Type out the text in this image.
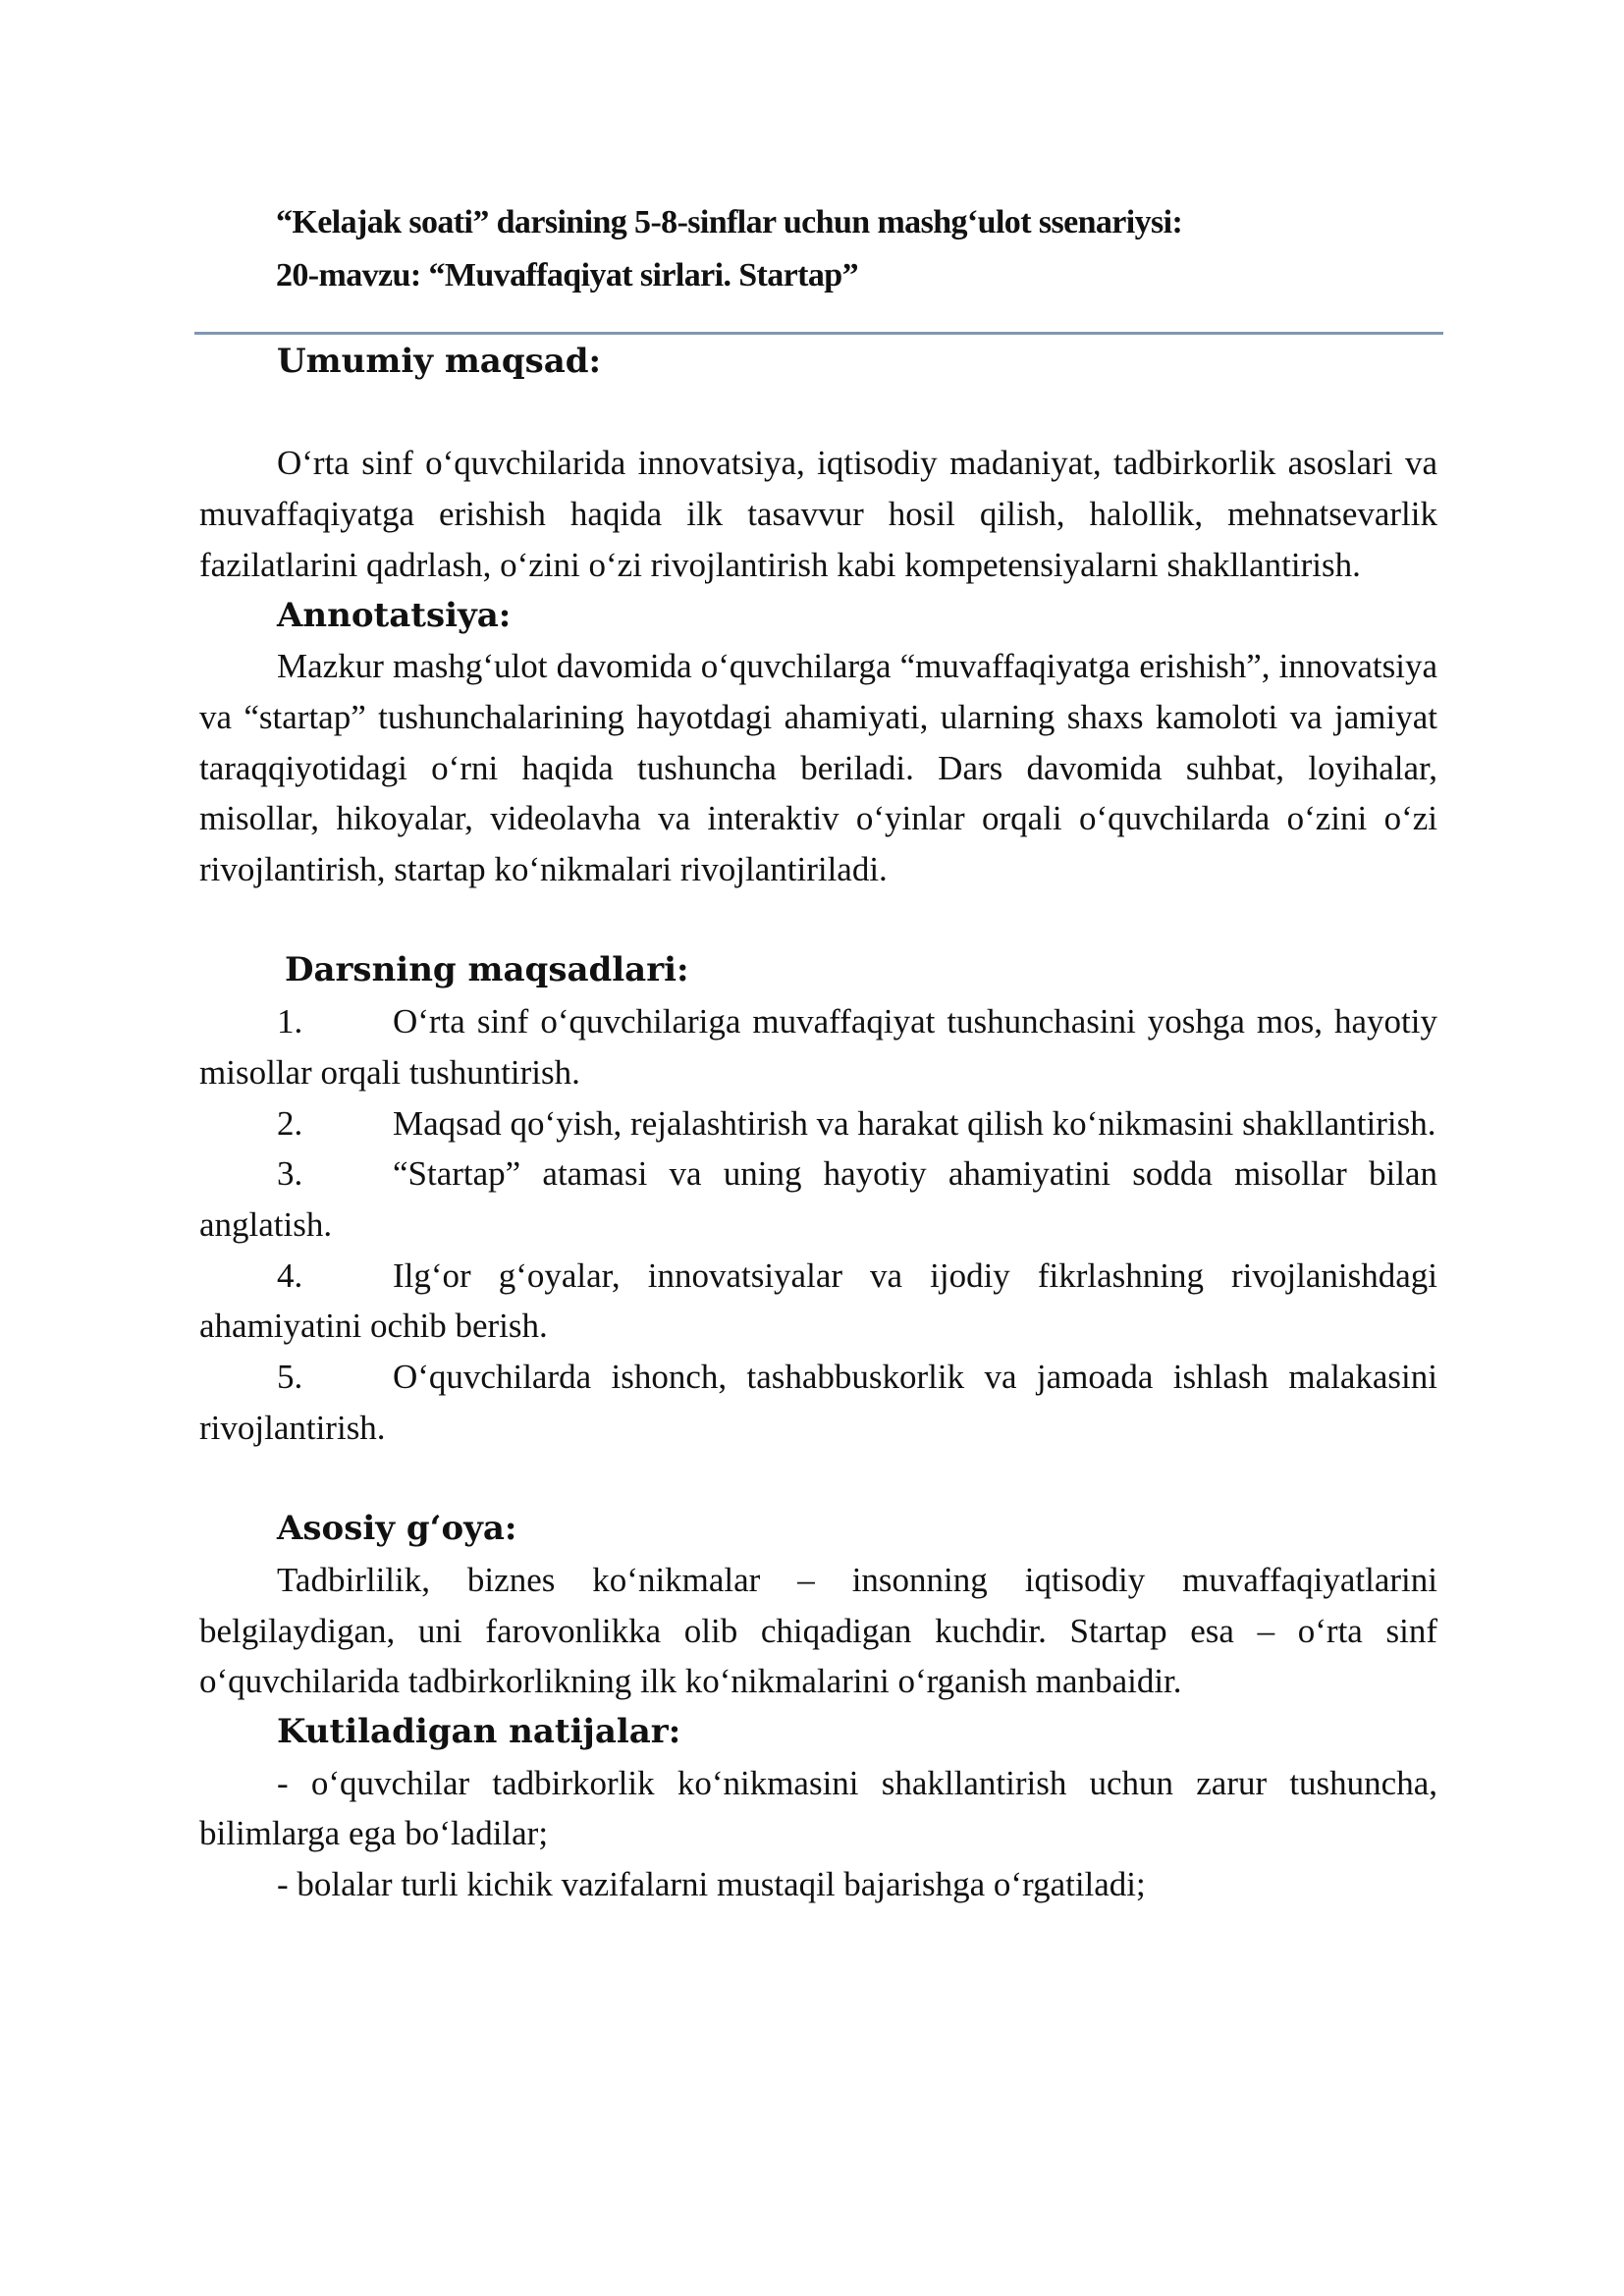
“Kelajak soati” darsining 5-8-sinflar uchun mashg‘ulot ssenariysi:
20-mavzu: “Muvaffaqiyat sirlari. Startap”

Umumiy maqsad:

O‘rta sinf o‘quvchilarida innovatsiya, iqtisodiy madaniyat, tadbirkorlik asoslari va muvaffaqiyatga erishish haqida ilk tasavvur hosil qilish, halollik, mehnatsevarlik fazilatlarini qadrlash, o‘zini o‘zi rivojlantirish kabi kompetensiyalarni shakllantirish.

Annotatsiya:

Mazkur mashg‘ulot davomida o‘quvchilarga “muvaffaqiyatga erishish”, innovatsiya va “startap” tushunchalarining hayotdagi ahamiyati, ularning shaxs kamoloti va jamiyat taraqqiyotidagi o‘rni haqida tushuncha beriladi. Dars davomida suhbat, loyihalar, misollar, hikoyalar, videolavha va interaktiv o‘yinlar orqali o‘quvchilarda o‘zini o‘zi rivojlantirish, startap ko‘nikmalari rivojlantiriladi.

Darsning maqsadlari:

1.	O‘rta sinf o‘quvchilariga muvaffaqiyat tushunchasini yoshga mos, hayotiy misollar orqali tushuntirish.

2.	Maqsad qo‘yish, rejalashtirish va harakat qilish ko‘nikmasini shakllantirish.

3.	“Startap” atamasi va uning hayotiy ahamiyatini sodda misollar bilan anglatish.

4.	Ilg‘or g‘oyalar, innovatsiyalar va ijodiy fikrlashning rivojlanishdagi ahamiyatini ochib berish.

5.	O‘quvchilarda ishonch, tashabbuskorlik va jamoada ishlash malakasini rivojlantirish.

Asosiy g‘oya:

Tadbirlilik, biznes ko‘nikmalar – insonning iqtisodiy muvaffaqiyatlarini belgilaydigan, uni farovonlikka olib chiqadigan kuchdir. Startap esa – o‘rta sinf o‘quvchilarida tadbirkorlikning ilk ko‘nikmalarini o‘rganish manbaidir.

Kutiladigan natijalar:

- o‘quvchilar tadbirkorlik ko‘nikmasini shakllantirish uchun zarur tushuncha, bilimlarga ega bo‘ladilar;

- bolalar turli kichik vazifalarni mustaqil bajarishga o‘rgatiladi;
